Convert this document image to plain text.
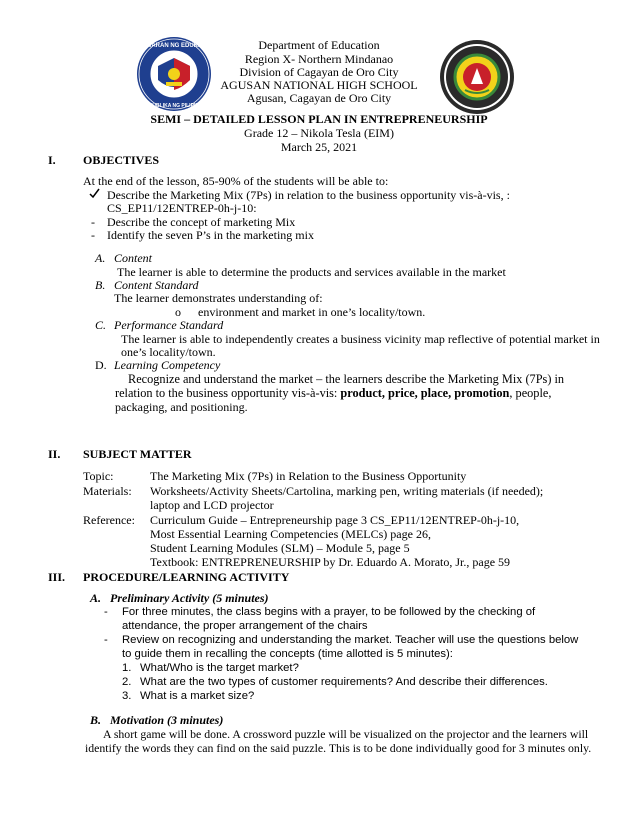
KAGAWARAN NG EDUKASYON
REPUBLIKA NG PILIPINAS
Department of Education
Region X- Northern Mindanao
Division of Cagayan de Oro City
AGUSAN NATIONAL HIGH SCHOOL
Agusan, Cagayan de Oro City
SEMI – DETAILED LESSON PLAN IN ENTREPRENEURSHIP
Grade 12 – Nikola Tesla (EIM)
March 25, 2021
I. OBJECTIVES
At the end of the lesson, 85-90% of the students will be able to:
Describe the Marketing Mix (7Ps) in relation to the business opportunity vis-à-vis, :
CS_EP11/12ENTREP-0h-j-10:
- Describe the concept of marketing Mix
- Identify the seven P’s in the marketing mix
A. Content
The learner is able to determine the products and services available in the market
B. Content Standard
The learner demonstrates understanding of:
o environment and market in one’s locality/town.
C. Performance Standard
The learner is able to independently creates a business vicinity map reflective of potential market in
one’s locality/town.
D. Learning Competency
Recognize and understand the market – the learners describe the Marketing Mix (7Ps) in
relation to the business opportunity vis-à-vis: product, price, place, promotion, people,
packaging, and positioning.
II. SUBJECT MATTER
Topic:	The Marketing Mix (7Ps) in Relation to the Business Opportunity
Materials: Worksheets/Activity Sheets/Cartolina, marking pen, writing materials (if needed);
laptop and LCD projector
Reference: Curriculum Guide – Entrepreneurship page 3 CS_EP11/12ENTREP-0h-j-10,
Most Essential Learning Competencies (MELCs) page 26,
Student Learning Modules (SLM) – Module 5, page 5
Textbook: ENTREPRENEURSHIP by Dr. Eduardo A. Morato, Jr., page 59
III. PROCEDURE/LEARNING ACTIVITY
A. Preliminary Activity (5 minutes)
- For three minutes, the class begins with a prayer, to be followed by the checking of
attendance, the proper arrangement of the chairs
- Review on recognizing and understanding the market. Teacher will use the questions below
to guide them in recalling the concepts (time allotted is 5 minutes):
1. What/Who is the target market?
2. What are the two types of customer requirements? And describe their differences.
3. What is a market size?
B. Motivation (3 minutes)
A short game will be done. A crossword puzzle will be visualized on the projector and the learners will
identify the words they can find on the said puzzle. This is to be done individually good for 3 minutes only.
